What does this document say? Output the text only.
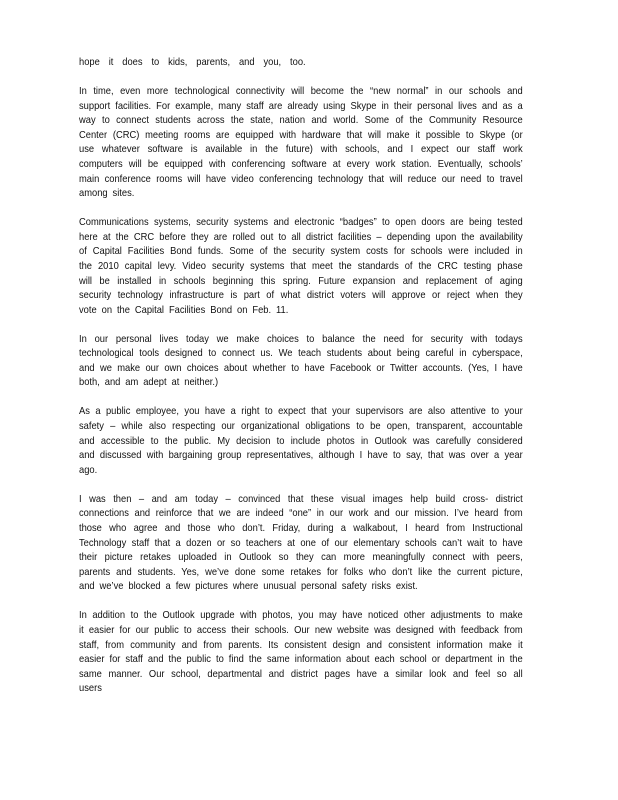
hope it does to kids, parents, and you, too.

In time, even more technological connectivity will become the “new normal” in our schools and support facilities. For example, many staff are already using Skype in their personal lives and as a way to connect students across the state, nation and world. Some of the Community Resource Center (CRC) meeting rooms are equipped with hardware that will make it possible to Skype (or use whatever software is available in the future) with schools, and I expect our staff work computers will be equipped with conferencing software at every work station. Eventually, schools’ main conference rooms will have video conferencing technology that will reduce our need to travel among sites.

Communications systems, security systems and electronic “badges” to open doors are being tested here at the CRC before they are rolled out to all district facilities – depending upon the availability of Capital Facilities Bond funds. Some of the security system costs for schools were included in the 2010 capital levy. Video security systems that meet the standards of the CRC testing phase will be installed in schools beginning this spring. Future expansion and replacement of aging security technology infrastructure is part of what district voters will approve or reject when they vote on the Capital Facilities Bond on Feb. 11.

In our personal lives today we make choices to balance the need for security with todays technological tools designed to connect us. We teach students about being careful in cyberspace, and we make our own choices about whether to have Facebook or Twitter accounts. (Yes, I have both, and am adept at neither.)

As a public employee, you have a right to expect that your supervisors are also attentive to your safety – while also respecting our organizational obligations to be open, transparent, accountable and accessible to the public. My decision to include photos in Outlook was carefully considered and discussed with bargaining group representatives, although I have to say, that was over a year ago.

I was then – and am today – convinced that these visual images help build cross- district connections and reinforce that we are indeed “one” in our work and our mission. I’ve heard from those who agree and those who don’t. Friday, during a walkabout, I heard from Instructional Technology staff that a dozen or so teachers at one of our elementary schools can’t wait to have their picture retakes uploaded in Outlook so they can more meaningfully connect with peers, parents and students. Yes, we’ve done some retakes for folks who don’t like the current picture, and we’ve blocked a few pictures where unusual personal safety risks exist.

In addition to the Outlook upgrade with photos, you may have noticed other adjustments to make it easier for our public to access their schools. Our new website was designed with feedback from staff, from community and from parents. Its consistent design and consistent information make it easier for staff and the public to find the same information about each school or department in the same manner. Our school, departmental and district pages have a similar look and feel so all users
